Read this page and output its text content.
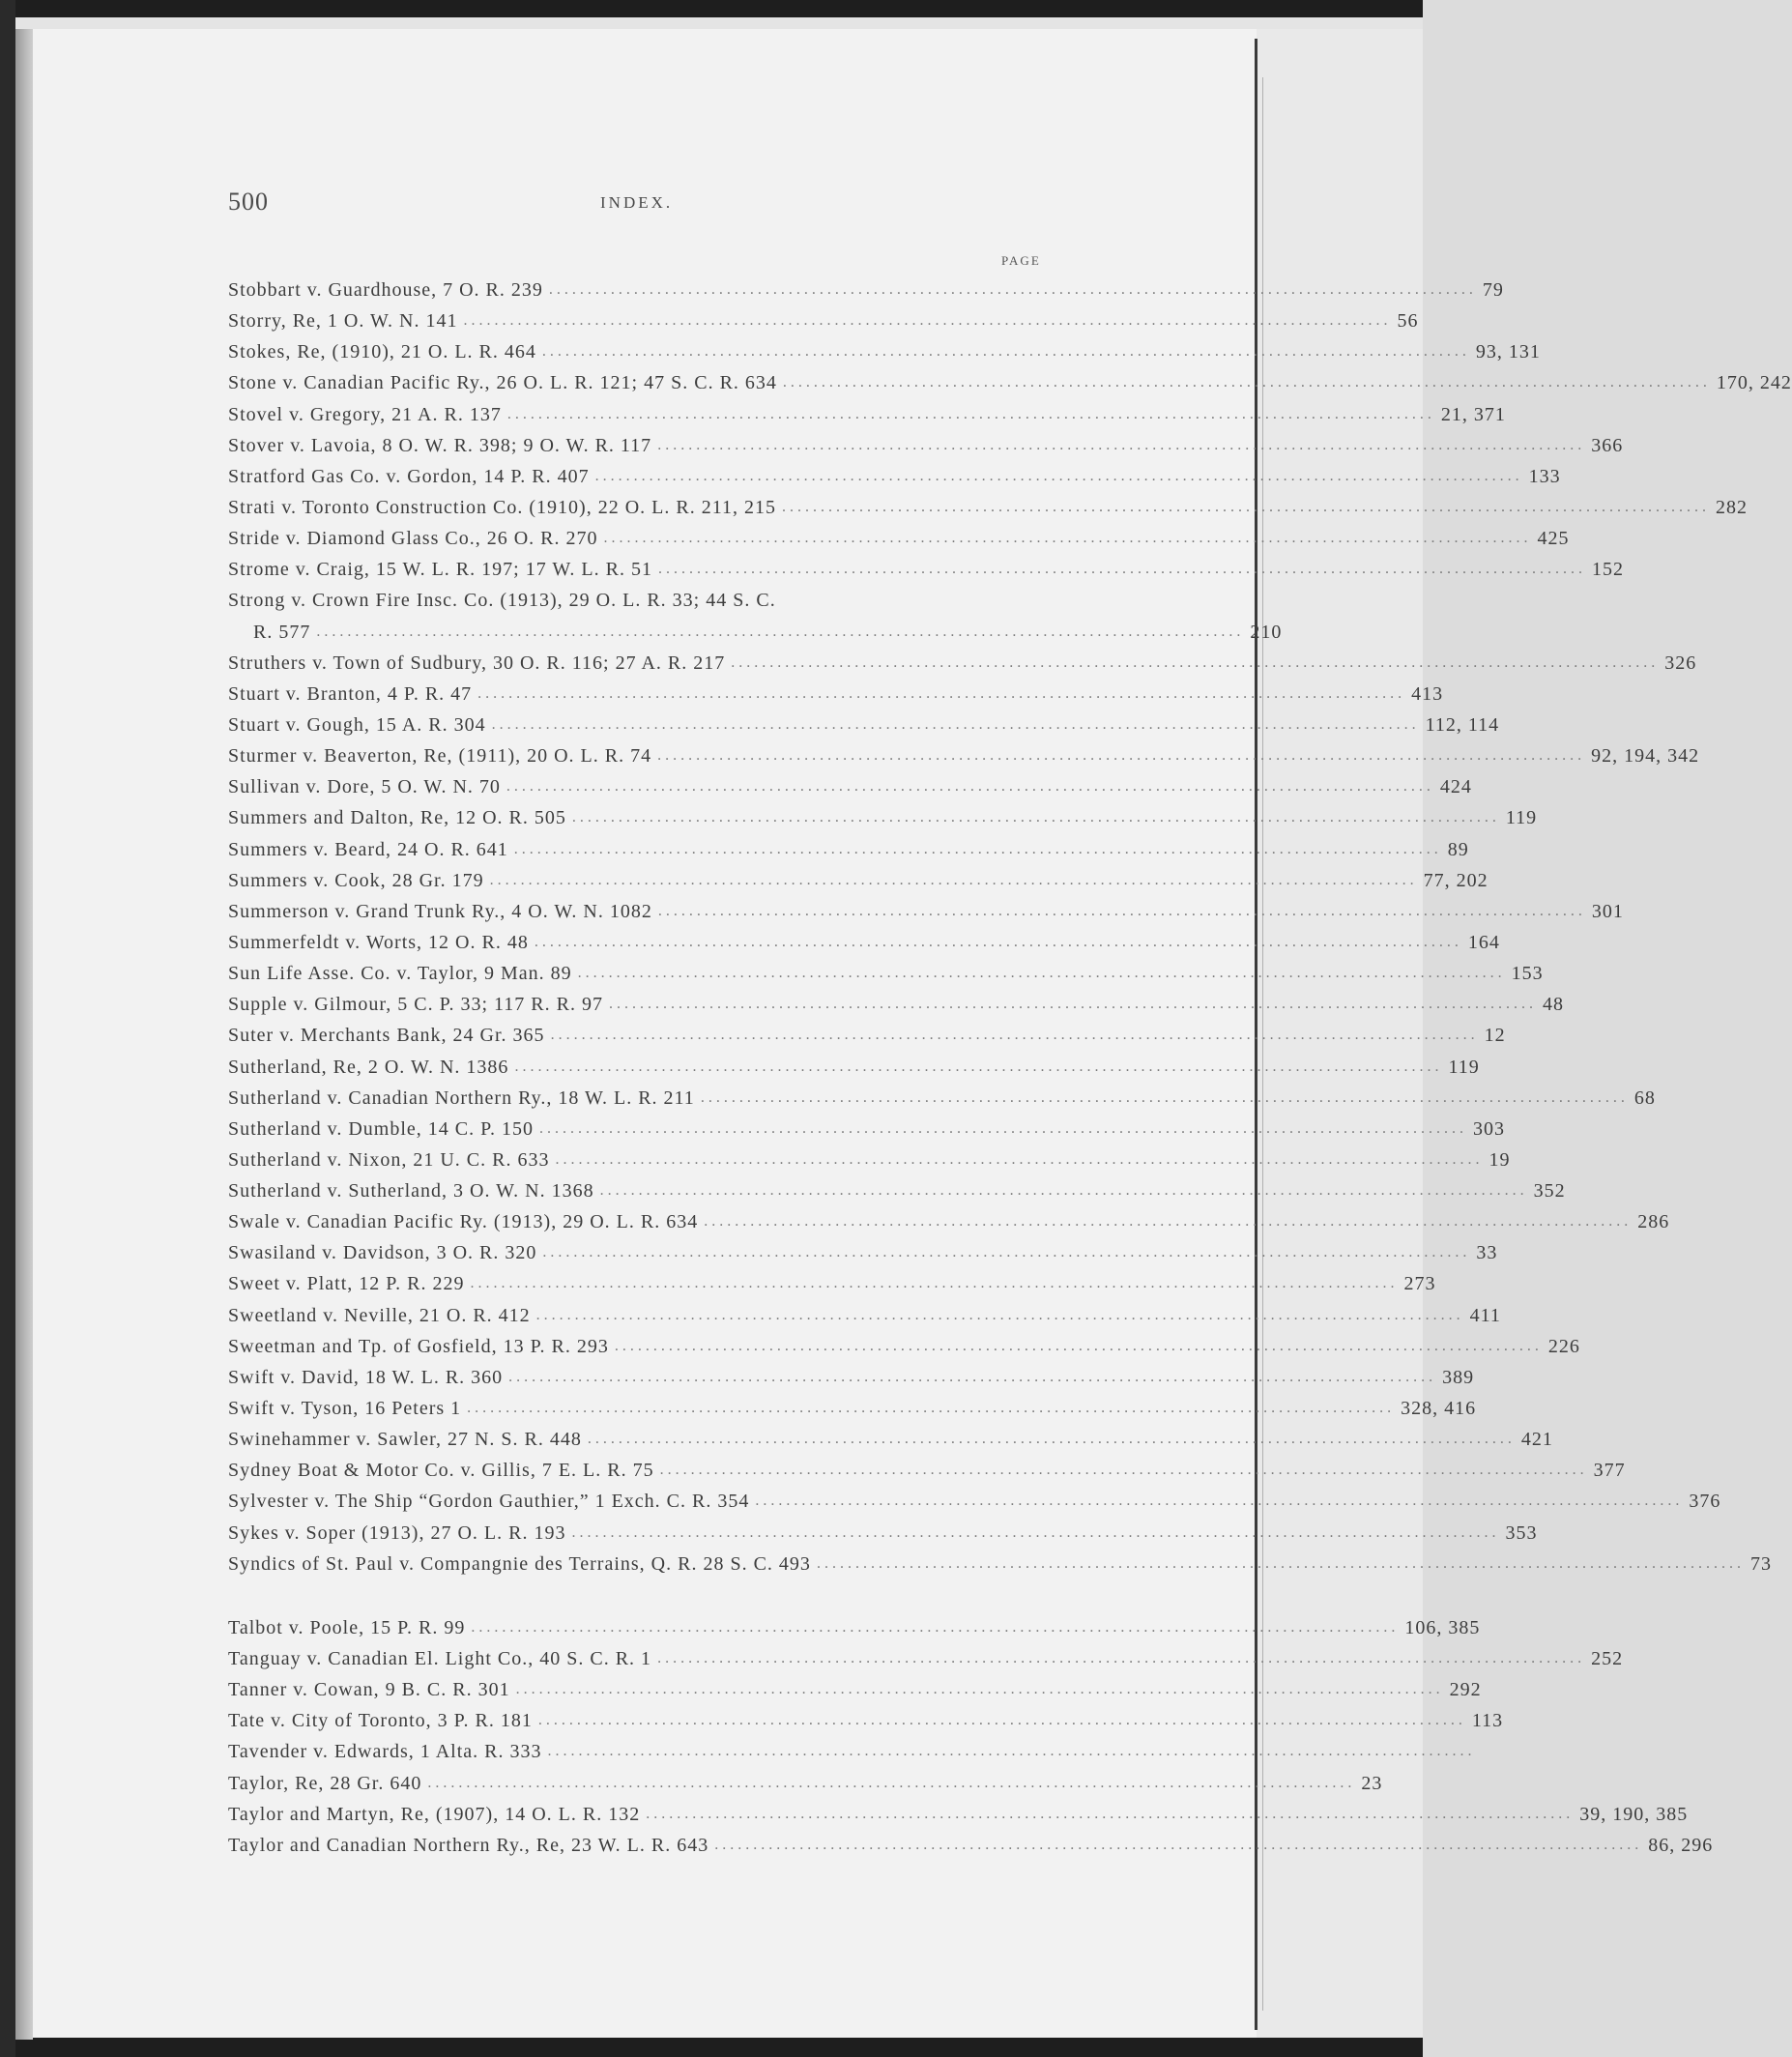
500	INDEX.
PAGE
Stobbart v. Guardhouse, 7 O. R. 239 ........................................................................................................................ 79
Storry, Re, 1 O. W. N. 141 ........................................................................................................................ 56
Stokes, Re, (1910), 21 O. L. R. 464 ........................................................................................................................ 93, 131
Stone v. Canadian Pacific Ry., 26 O. L. R. 121; 47 S. C. R. 634 ........................................................................................................................ 170, 242
Stovel v. Gregory, 21 A. R. 137 ........................................................................................................................ 21, 371
Stover v. Lavoia, 8 O. W. R. 398; 9 O. W. R. 117 ........................................................................................................................ 366
Stratford Gas Co. v. Gordon, 14 P. R. 407 ........................................................................................................................ 133
Strati v. Toronto Construction Co. (1910), 22 O. L. R. 211, 215 ........................................................................................................................ 282
Stride v. Diamond Glass Co., 26 O. R. 270 ........................................................................................................................ 425
Strome v. Craig, 15 W. L. R. 197; 17 W. L. R. 51 ........................................................................................................................ 152
Strong v. Crown Fire Insc. Co. (1913), 29 O. L. R. 33; 44 S. C.
R. 577 ........................................................................................................................ 210
Struthers v. Town of Sudbury, 30 O. R. 116; 27 A. R. 217 ........................................................................................................................ 326
Stuart v. Branton, 4 P. R. 47 ........................................................................................................................ 413
Stuart v. Gough, 15 A. R. 304 ........................................................................................................................ 112, 114
Sturmer v. Beaverton, Re, (1911), 20 O. L. R. 74 ........................................................................................................................ 92, 194, 342
Sullivan v. Dore, 5 O. W. N. 70 ........................................................................................................................ 424
Summers and Dalton, Re, 12 O. R. 505 ........................................................................................................................ 119
Summers v. Beard, 24 O. R. 641 ........................................................................................................................ 89
Summers v. Cook, 28 Gr. 179 ........................................................................................................................ 77, 202
Summerson v. Grand Trunk Ry., 4 O. W. N. 1082 ........................................................................................................................ 301
Summerfeldt v. Worts, 12 O. R. 48 ........................................................................................................................ 164
Sun Life Asse. Co. v. Taylor, 9 Man. 89 ........................................................................................................................ 153
Supple v. Gilmour, 5 C. P. 33; 117 R. R. 97 ........................................................................................................................ 48
Suter v. Merchants Bank, 24 Gr. 365 ........................................................................................................................ 12
Sutherland, Re, 2 O. W. N. 1386 ........................................................................................................................ 119
Sutherland v. Canadian Northern Ry., 18 W. L. R. 211 ........................................................................................................................ 68
Sutherland v. Dumble, 14 C. P. 150 ........................................................................................................................ 303
Sutherland v. Nixon, 21 U. C. R. 633 ........................................................................................................................ 19
Sutherland v. Sutherland, 3 O. W. N. 1368 ........................................................................................................................ 352
Swale v. Canadian Pacific Ry. (1913), 29 O. L. R. 634 ........................................................................................................................ 286
Swasiland v. Davidson, 3 O. R. 320 ........................................................................................................................ 33
Sweet v. Platt, 12 P. R. 229 ........................................................................................................................ 273
Sweetland v. Neville, 21 O. R. 412 ........................................................................................................................ 411
Sweetman and Tp. of Gosfield, 13 P. R. 293 ........................................................................................................................ 226
Swift v. David, 18 W. L. R. 360 ........................................................................................................................ 389
Swift v. Tyson, 16 Peters 1 ........................................................................................................................ 328, 416
Swinehammer v. Sawler, 27 N. S. R. 448 ........................................................................................................................ 421
Sydney Boat & Motor Co. v. Gillis, 7 E. L. R. 75 ........................................................................................................................ 377
Sylvester v. The Ship “Gordon Gauthier,” 1 Exch. C. R. 354 ........................................................................................................................ 376
Sykes v. Soper (1913), 27 O. L. R. 193 ........................................................................................................................ 353
Syndics of St. Paul v. Compangnie des Terrains, Q. R. 28 S. C. 493 ........................................................................................................................ 73
Talbot v. Poole, 15 P. R. 99 ........................................................................................................................ 106, 385
Tanguay v. Canadian El. Light Co., 40 S. C. R. 1 ........................................................................................................................ 252
Tanner v. Cowan, 9 B. C. R. 301 ........................................................................................................................ 292
Tate v. City of Toronto, 3 P. R. 181 ........................................................................................................................ 113
Tavender v. Edwards, 1 Alta. R. 333 ........................................................................................................................
Taylor, Re, 28 Gr. 640 ........................................................................................................................ 23
Taylor and Martyn, Re, (1907), 14 O. L. R. 132 ........................................................................................................................ 39, 190, 385
Taylor and Canadian Northern Ry., Re, 23 W. L. R. 643 ........................................................................................................................ 86, 296
